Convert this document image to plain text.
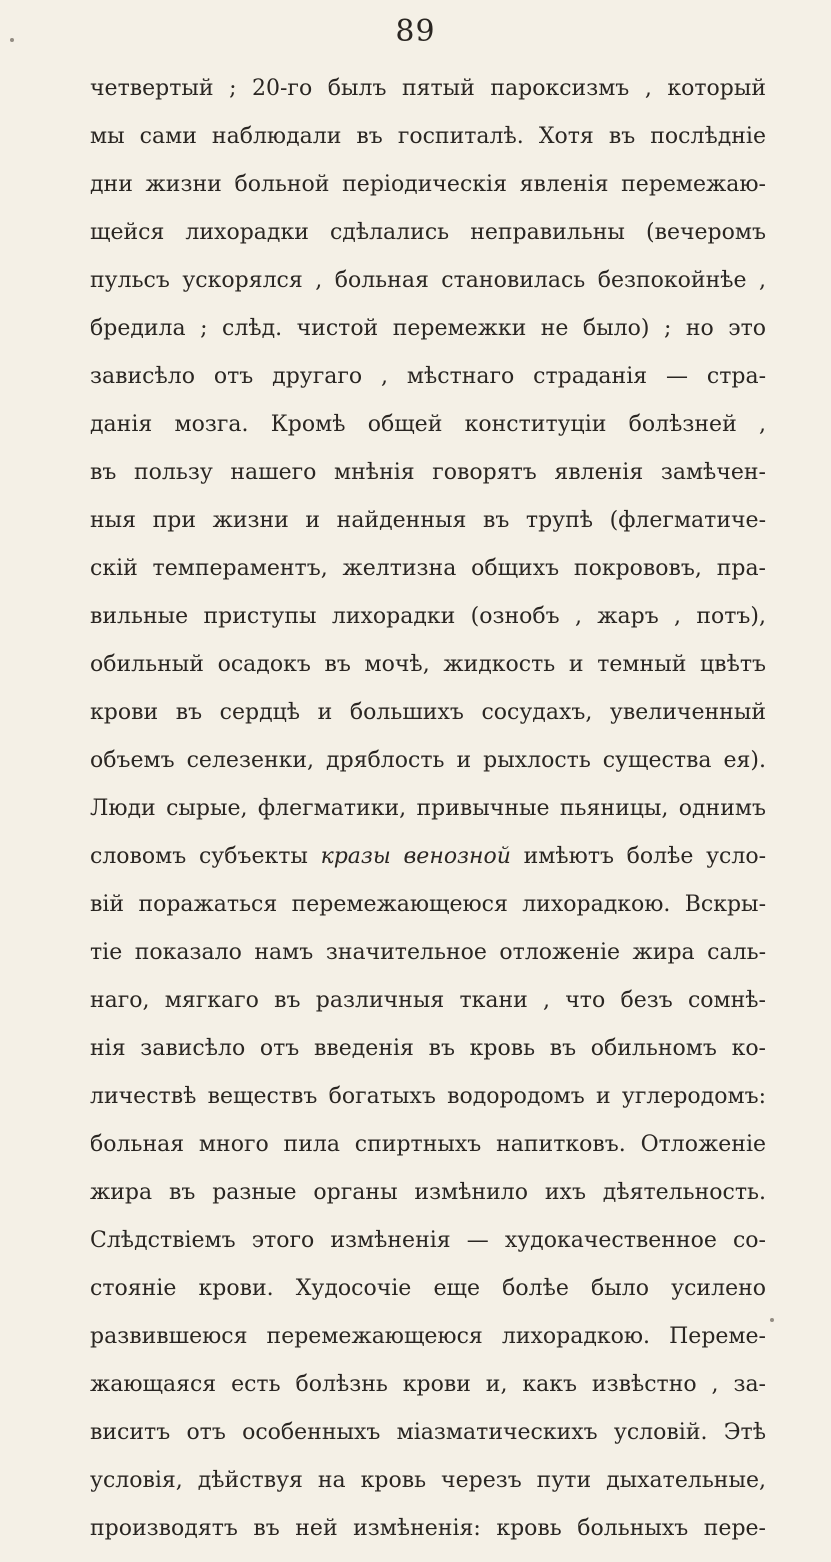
89
четвертый ; 20-го былъ пятый пароксизмъ , который
мы сами наблюдали въ госпиталѣ. Хотя въ послѣдніе
дни жизни больной періодическія явленія перемежаю-
щейся лихорадки сдѣлались неправильны (вечеромъ
пульсъ ускорялся , больная становилась безпокойнѣе ,
бредила ; слѣд. чистой перемежки не было) ; но это
зависѣло отъ другаго , мѣстнаго страданія — стра-
данія мозга. Кромѣ общей конституціи болѣзней ,
въ пользу нашего мнѣнія говорятъ явленія замѣчен-
ныя при жизни и найденныя въ трупѣ (флегматиче-
скій темпераментъ, желтизна общихъ покрововъ, пра-
вильные приступы лихорадки (ознобъ , жаръ , потъ),
обильный осадокъ въ мочѣ, жидкость и темный цвѣтъ
крови въ сердцѣ и большихъ сосудахъ, увеличенный
объемъ селезенки, дряблость и рыхлость существа ея).
Люди сырые, флегматики, привычные пьяницы, однимъ
словомъ субъекты кразы венозной имѣютъ болѣе усло-
вій поражаться перемежающеюся лихорадкою. Вскры-
тіе показало намъ значительное отложеніе жира саль-
наго, мягкаго въ различныя ткани , что безъ сомнѣ-
нія зависѣло отъ введенія въ кровь въ обильномъ ко-
личествѣ веществъ богатыхъ водородомъ и углеродомъ:
больная много пила спиртныхъ напитковъ. Отложеніе
жира въ разные органы измѣнило ихъ дѣятельность.
Слѣдствіемъ этого измѣненія — худокачественное со-
стояніе крови. Худосочіе еще болѣе было усилено
развившеюся перемежающеюся лихорадкою. Переме-
жающаяся есть болѣзнь крови и, какъ извѣстно , за-
виситъ отъ особенныхъ міазматическихъ условій. Этѣ
условія, дѣйствуя на кровь черезъ пути дыхательные,
производятъ въ ней измѣненія: кровь больныхъ пере-
